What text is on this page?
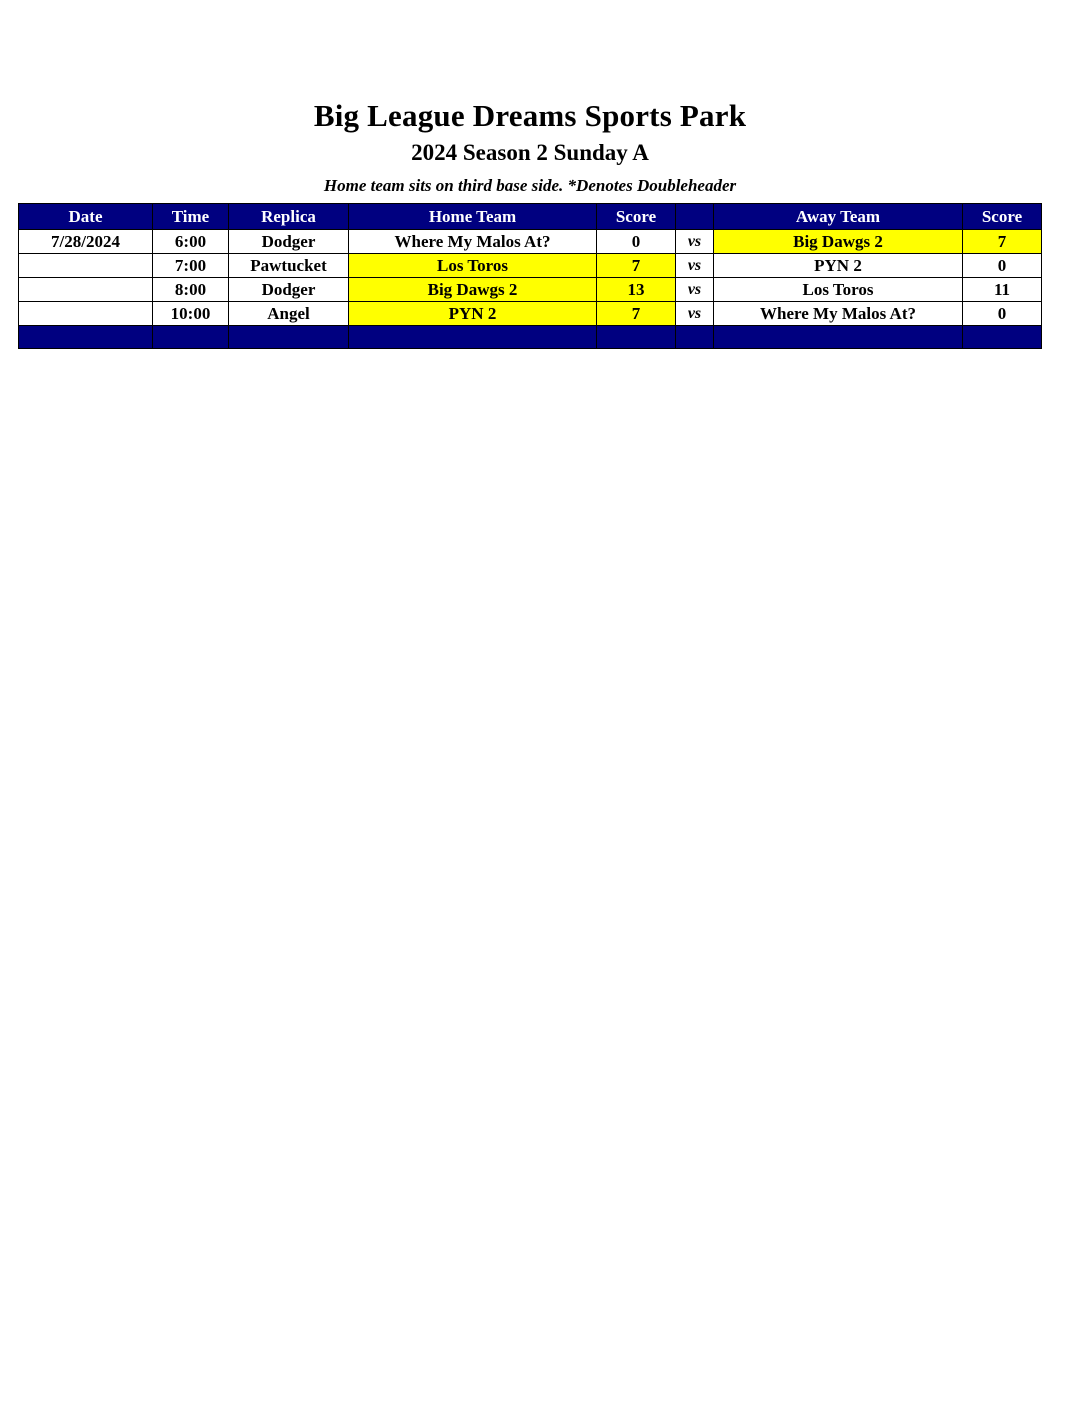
Big League Dreams Sports Park
2024 Season 2 Sunday A
Home team sits on third base side. *Denotes Doubleheader
Date	Time	Replica	Home Team	Score		Away Team	Score
7/28/2024	6:00	Dodger	Where My Malos At?	0	vs	Big Dawgs 2	7
	7:00	Pawtucket	Los Toros	7	vs	PYN 2	0
	8:00	Dodger	Big Dawgs 2	13	vs	Los Toros	11
	10:00	Angel	PYN 2	7	vs	Where My Malos At?	0
